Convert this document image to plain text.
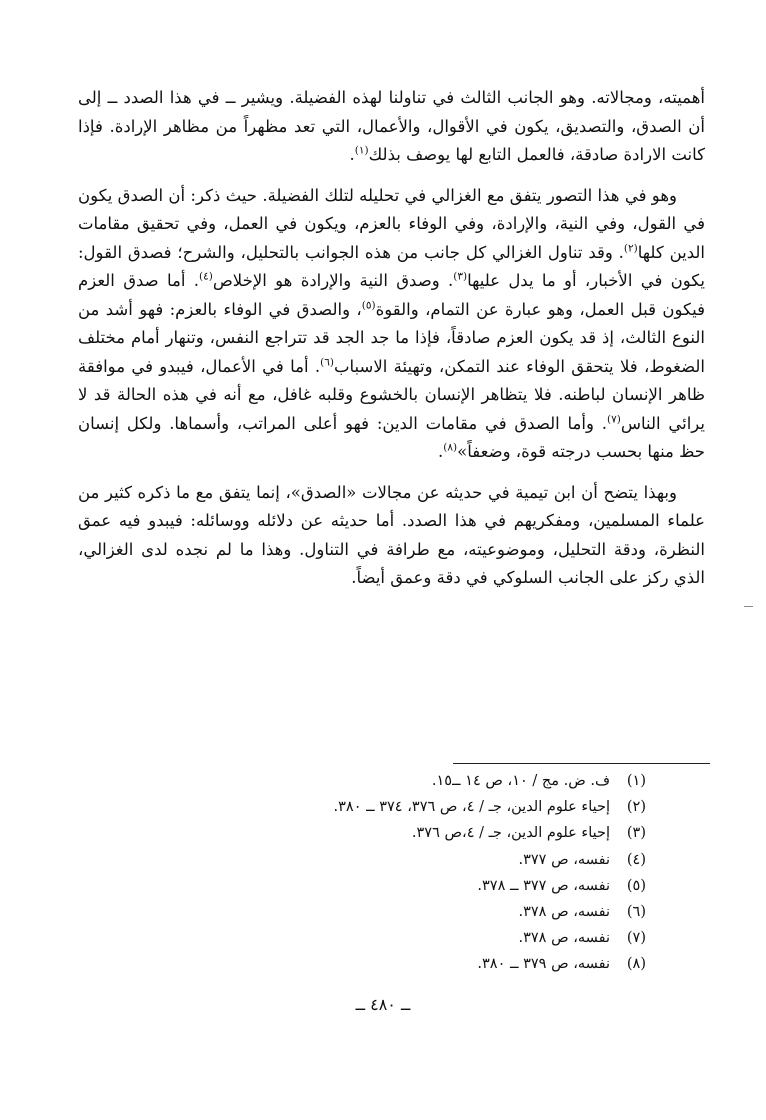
أهميته، ومجالاته. وهو الجانب الثالث في تناولنا لهذه الفضيلة. ويشير ــ في هذا الصدد ــ إلى أن الصدق، والتصديق، يكون في الأقوال، والأعمال، التي تعد مظهراً من مظاهر الإرادة. فإذا كانت الارادة صادقة، فالعمل التابع لها يوصف بذلك$^{(١)}$.

وهو في هذا التصور يتفق مع الغزالي في تحليله لتلك الفضيلة. حيث ذكر: أن الصدق يكون في القول، وفي النية، والإرادة، وفي الوفاء بالعزم، ويكون في العمل، وفي تحقيق مقامات الدين كلها$^{(٢)}$. وقد تناول الغزالي كل جانب من هذه الجوانب بالتحليل، والشرح؛ فصدق القول: يكون في الأخبار، أو ما يدل عليها$^{(٣)}$. وصدق النية والإرادة هو الإخلاص$^{(٤)}$. أما صدق العزم فيكون قبل العمل، وهو عبارة عن التمام، والقوة$^{(٥)}$، والصدق في الوفاء بالعزم: فهو أشد من النوع الثالث، إذ قد يكون العزم صادقاً، فإذا ما جد الجد قد تتراجع النفس، وتنهار أمام مختلف الضغوط، فلا يتحقق الوفاء عند التمكن، وتهيئة الاسباب$^{(٦)}$. أما في الأعمال، فيبدو في موافقة ظاهر الإنسان لباطنه. فلا يتظاهر الإنسان بالخشوع وقلبه غافل، مع أنه في هذه الحالة قد لا يرائي الناس$^{(٧)}$. وأما الصدق في مقامات الدين: فهو أعلى المراتب، وأسماها. ولكل إنسان حظ منها بحسب درجته قوة، وضعفاً»$^{(٨)}$.

وبهذا يتضح أن ابن تيمية في حديثه عن مجالات «الصدق»، إنما يتفق مع ما ذكره كثير من علماء المسلمين، ومفكريهم في هذا الصدد. أما حديثه عن دلائله ووسائله: فيبدو فيه عمق النظرة، ودقة التحليل، وموضوعيته، مع طرافة في التناول. وهذا ما لم نجده لدى الغزالي، الذي ركز على الجانب السلوكي في دقة وعمق أيضاً.

(١)
ف. ض. مج / ١٠، ص ١٤ ــ١٥.
(٢)
إحياء علوم الدين، جـ / ٤، ص ٣٧٦، ٣٧٤ ــ ٣٨٠.
(٣)
إحياء علوم الدين، جـ / ٤،ص ٣٧٦.
(٤)
نفسه، ص ٣٧٧.
(٥)
نفسه، ص ٣٧٧ ــ ٣٧٨.
(٦)
نفسه، ص ٣٧٨.
(٧)
نفسه، ص ٣٧٨.
(٨)
نفسه، ص ٣٧٩ ــ ٣٨٠.
ــ ٤٨٠ ــ
